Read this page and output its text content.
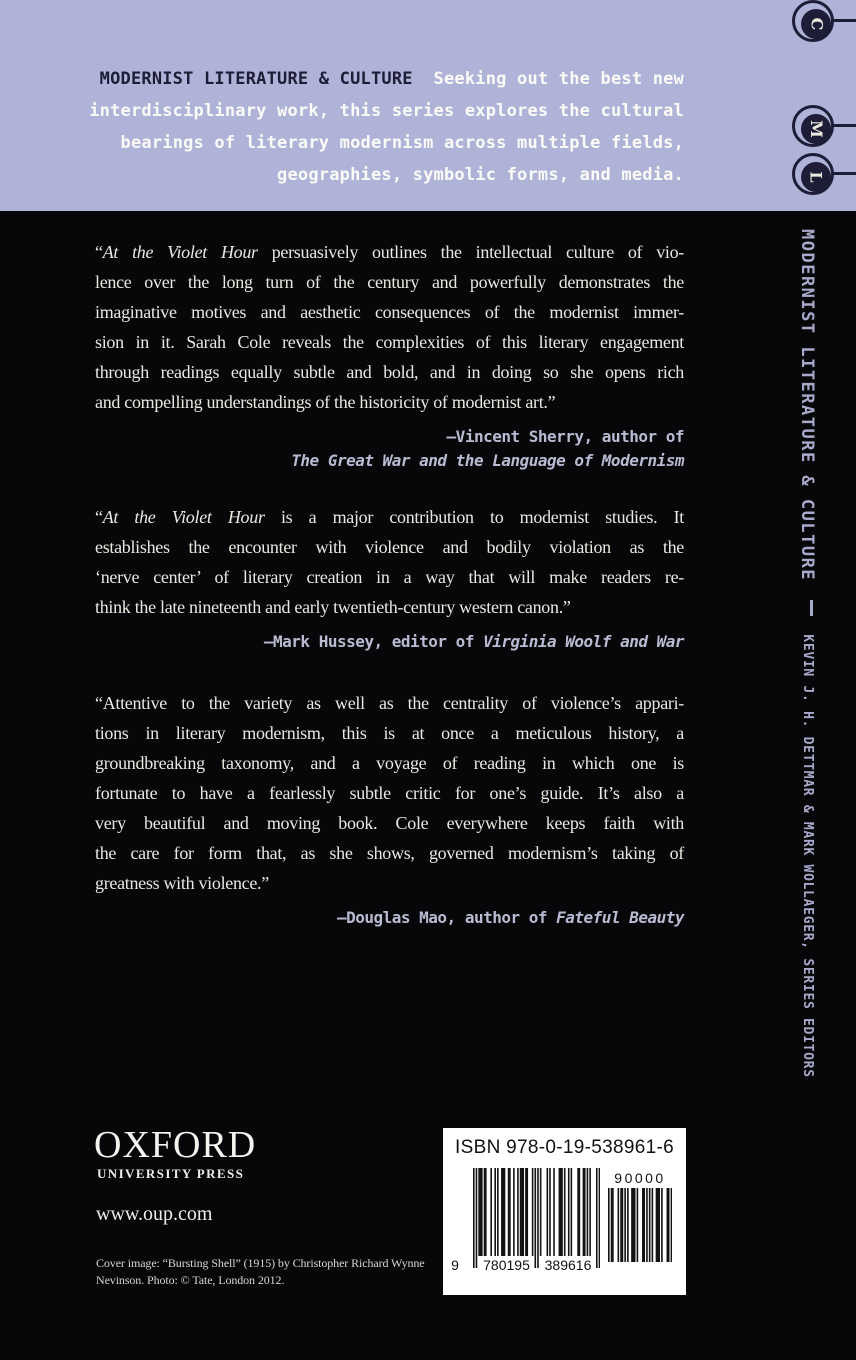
MODERNIST LITERATURE & CULTURE  Seeking out the best new
interdisciplinary work, this series explores the cultural
bearings of literary modernism across multiple fields,
geographies, symbolic forms, and media.
M
L
C
“At the Violet Hour persuasively outlines the intellectual culture of vio-
lence over the long turn of the century and powerfully demonstrates the
imaginative motives and aesthetic consequences of the modernist immer-
sion in it. Sarah Cole reveals the complexities of this literary engagement
through readings equally subtle and bold, and in doing so she opens rich
and compelling understandings of the historicity of modernist art.”
—Vincent Sherry, author of
The Great War and the Language of Modernism
“At the Violet Hour is a major contribution to modernist studies. It
establishes the encounter with violence and bodily violation as the
‘nerve center’ of literary creation in a way that will make readers re-
think the late nineteenth and early twentieth-century western canon.”
—Mark Hussey, editor of Virginia Woolf and War
“Attentive to the variety as well as the centrality of violence’s appari-
tions in literary modernism, this is at once a meticulous history, a
groundbreaking taxonomy, and a voyage of reading in which one is
fortunate to have a fearlessly subtle critic for one’s guide. It’s also a
very beautiful and moving book. Cole everywhere keeps faith with
the care for form that, as she shows, governed modernism’s taking of
greatness with violence.”
—Douglas Mao, author of Fateful Beauty
MODERNIST LITERATURE & CULTURE  KEVIN J. H. DETTMAR & MARK WOLLAEGER, SERIES EDITORS
OXFORD
UNIVERSITY PRESS
www.oup.com
Cover image: “Bursting Shell” (1915) by Christopher Richard Wynne
Nevinson. Photo: © Tate, London 2012.
ISBN 978-0-19-538961-6
90000
9 780195 389616
